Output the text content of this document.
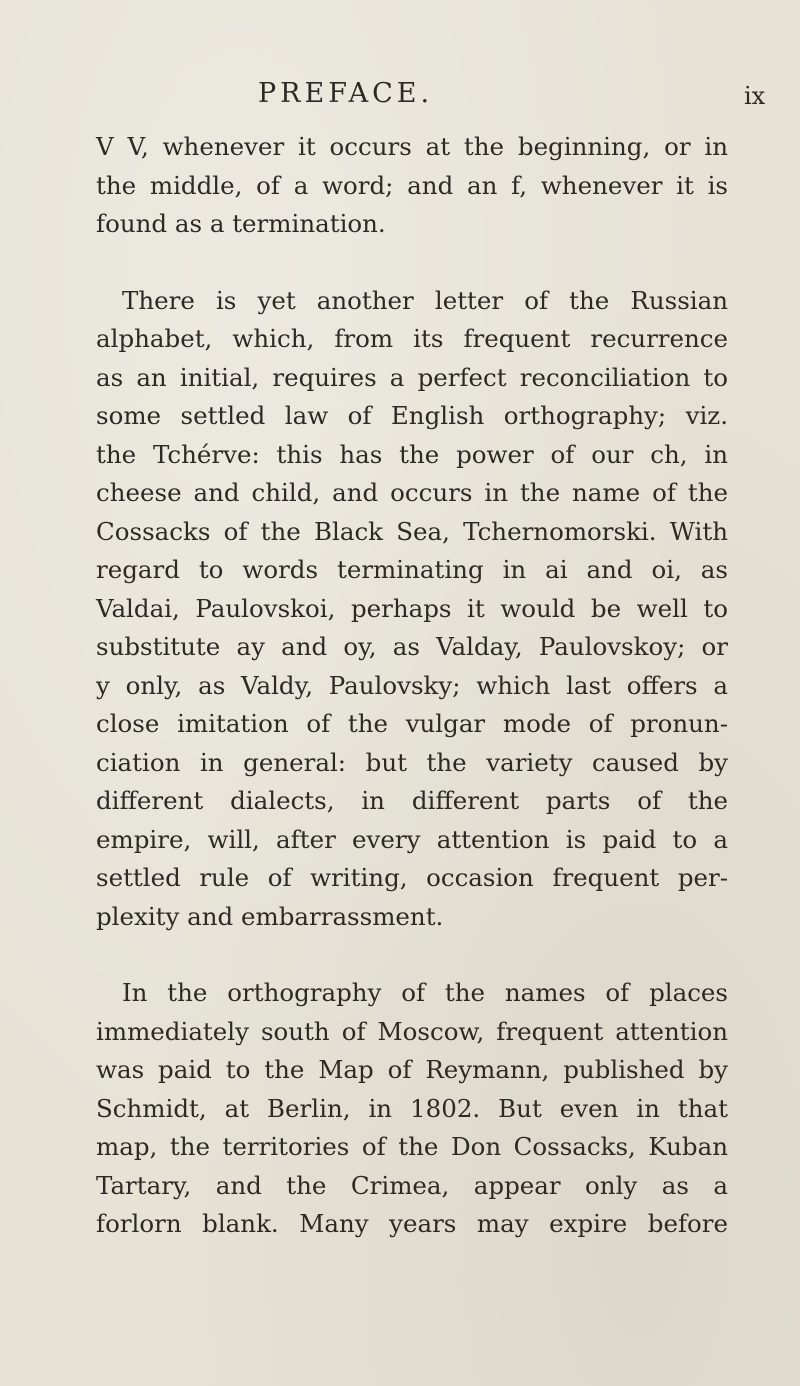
PREFACE.	ix

V V, whenever it occurs at the beginning, or in
the middle, of a word; and an f, whenever it is
found as a termination.

There is yet another letter of the Russian
alphabet, which, from its frequent recurrence
as an initial, requires a perfect reconciliation to
some settled law of English orthography; viz.
the Tchérve: this has the power of our ch, in
cheese and child, and occurs in the name of the
Cossacks of the Black Sea, Tchernomorski. With
regard to words terminating in ai and oi, as
Valdai, Paulovskoi, perhaps it would be well to
substitute ay and oy, as Valday, Paulovskoy; or
y only, as Valdy, Paulovsky; which last offers a
close imitation of the vulgar mode of pronun-
ciation in general: but the variety caused by
different dialects, in different parts of the
empire, will, after every attention is paid to a
settled rule of writing, occasion frequent per-
plexity and embarrassment.

In the orthography of the names of places
immediately south of Moscow, frequent attention
was paid to the Map of Reymann, published by
Schmidt, at Berlin, in 1802. But even in that
map, the territories of the Don Cossacks, Kuban
Tartary, and the Crimea, appear only as a
forlorn blank. Many years may expire before
